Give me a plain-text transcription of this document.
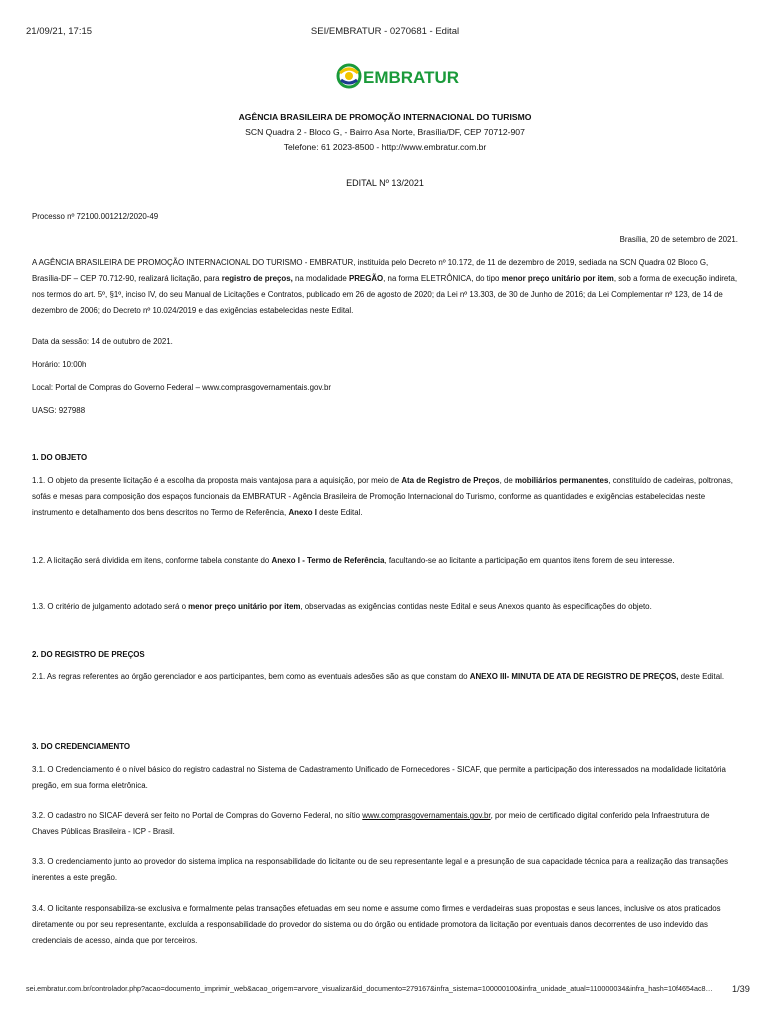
21/09/21, 17:15	SEI/EMBRATUR - 0270681 - Edital
EMBRATUR
AGÊNCIA BRASILEIRA DE PROMOÇÃO INTERNACIONAL DO TURISMO
SCN Quadra 2 - Bloco G, - Bairro Asa Norte, Brasília/DF, CEP 70712-907
Telefone: 61 2023-8500 - http://www.embratur.com.br
EDITAL Nº 13/2021
Processo nº 72100.001212/2020-49
Brasília, 20 de setembro de 2021.

A AGÊNCIA BRASILEIRA DE PROMOÇÃO INTERNACIONAL DO TURISMO - EMBRATUR, instituída pelo Decreto nº 10.172, de 11 de dezembro de 2019, sediada na SCN Quadra 02 Bloco G, Brasília-DF – CEP 70.712-90, realizará licitação, para registro de preços, na modalidade PREGÃO, na forma ELETRÔNICA, do tipo menor preço unitário por item, sob a forma de execução indireta, nos termos do art. 5º, §1º, inciso IV, do seu Manual de Licitações e Contratos, publicado em 26 de agosto de 2020; da Lei nº 13.303, de 30 de Junho de 2016; da Lei Complementar nº 123, de 14 de dezembro de 2006; do Decreto nº 10.024/2019 e das exigências estabelecidas neste Edital.

Data da sessão: 14 de outubro de 2021.
Horário: 10:00h
Local: Portal de Compras do Governo Federal – www.comprasgovernamentais.gov.br
UASG: 927988
1. DO OBJETO

1.1. O objeto da presente licitação é a escolha da proposta mais vantajosa para a aquisição, por meio de Ata de Registro de Preços, de mobiliários permanentes, constituído de cadeiras, poltronas, sofás e mesas para composição dos espaços funcionais da EMBRATUR - Agência Brasileira de Promoção Internacional do Turismo, conforme as quantidades e exigências estabelecidas neste instrumento e detalhamento dos bens descritos no Termo de Referência, Anexo I deste Edital.

1.2. A licitação será dividida em itens, conforme tabela constante do Anexo I - Termo de Referência, facultando-se ao licitante a participação em quantos itens forem de seu interesse.

1.3. O critério de julgamento adotado será o menor preço unitário por item, observadas as exigências contidas neste Edital e seus Anexos quanto às especificações do objeto.

2. DO REGISTRO DE PREÇOS

2.1. As regras referentes ao órgão gerenciador e aos participantes, bem como as eventuais adesões são as que constam do ANEXO III- MINUTA DE ATA DE REGISTRO DE PREÇOS, deste Edital.

3. DO CREDENCIAMENTO
3.1. O Credenciamento é o nível básico do registro cadastral no Sistema de Cadastramento Unificado de Fornecedores - SICAF, que permite a participação dos interessados na modalidade licitatória pregão, em sua forma eletrônica.

3.2. O cadastro no SICAF deverá ser feito no Portal de Compras do Governo Federal, no sítio www.comprasgovernamentais.gov.br, por meio de certificado digital conferido pela Infraestrutura de Chaves Públicas Brasileira - ICP - Brasil.

3.3. O credenciamento junto ao provedor do sistema implica na responsabilidade do licitante ou de seu representante legal e a presunção de sua capacidade técnica para a realização das transações inerentes a este pregão.
3.4. O licitante responsabiliza-se exclusiva e formalmente pelas transações efetuadas em seu nome e assume como firmes e verdadeiras suas propostas e seus lances, inclusive os atos praticados diretamente ou por seu representante, excluída a responsabilidade do provedor do sistema ou do órgão ou entidade promotora da licitação por eventuais danos decorrentes de uso indevido das credenciais de acesso, ainda que por terceiros.
sei.embratur.com.br/controlador.php?acao=documento_imprimir_web&acao_origem=arvore_visualizar&id_documento=279167&infra_sistema=100000100&infra_unidade_atual=110000034&infra_hash=10f4654ac8… 1/39
